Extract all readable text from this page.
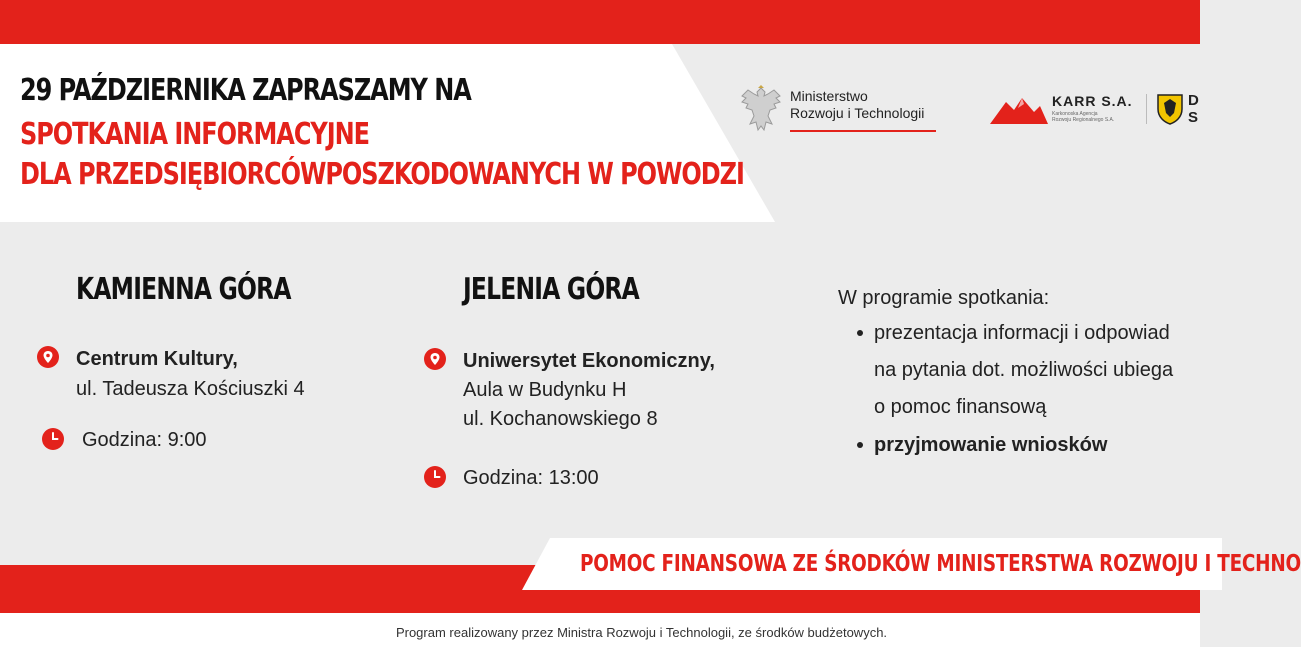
29 PAŹDZIERNIKA ZAPRASZAMY NA
SPOTKANIA INFORMACYJNE
DLA PRZEDSIĘBIORCÓWPOSZKODOWANYCH W POWODZI
Ministerstwo
Rozwoju i Technologii
KARR S.A.
Karkonoska Agencja
Rozwoju Regionalnego S.A.
D
S
KAMIENNA GÓRA
Centrum Kultury,
ul. Tadeusza Kościuszki 4
Godzina: 9:00
JELENIA GÓRA
Uniwersytet Ekonomiczny,
Aula w Budynku H
ul. Kochanowskiego 8
Godzina: 13:00
W programie spotkania:
prezentacja informacji i odpowiad
na pytania dot. możliwości ubiega
o pomoc finansową
przyjmowanie wniosków
POMOC FINANSOWA ZE ŚRODKÓW MINISTERSTWA ROZWOJU I TECHNO
Program realizowany przez Ministra Rozwoju i Technologii, ze środków budżetowych.
